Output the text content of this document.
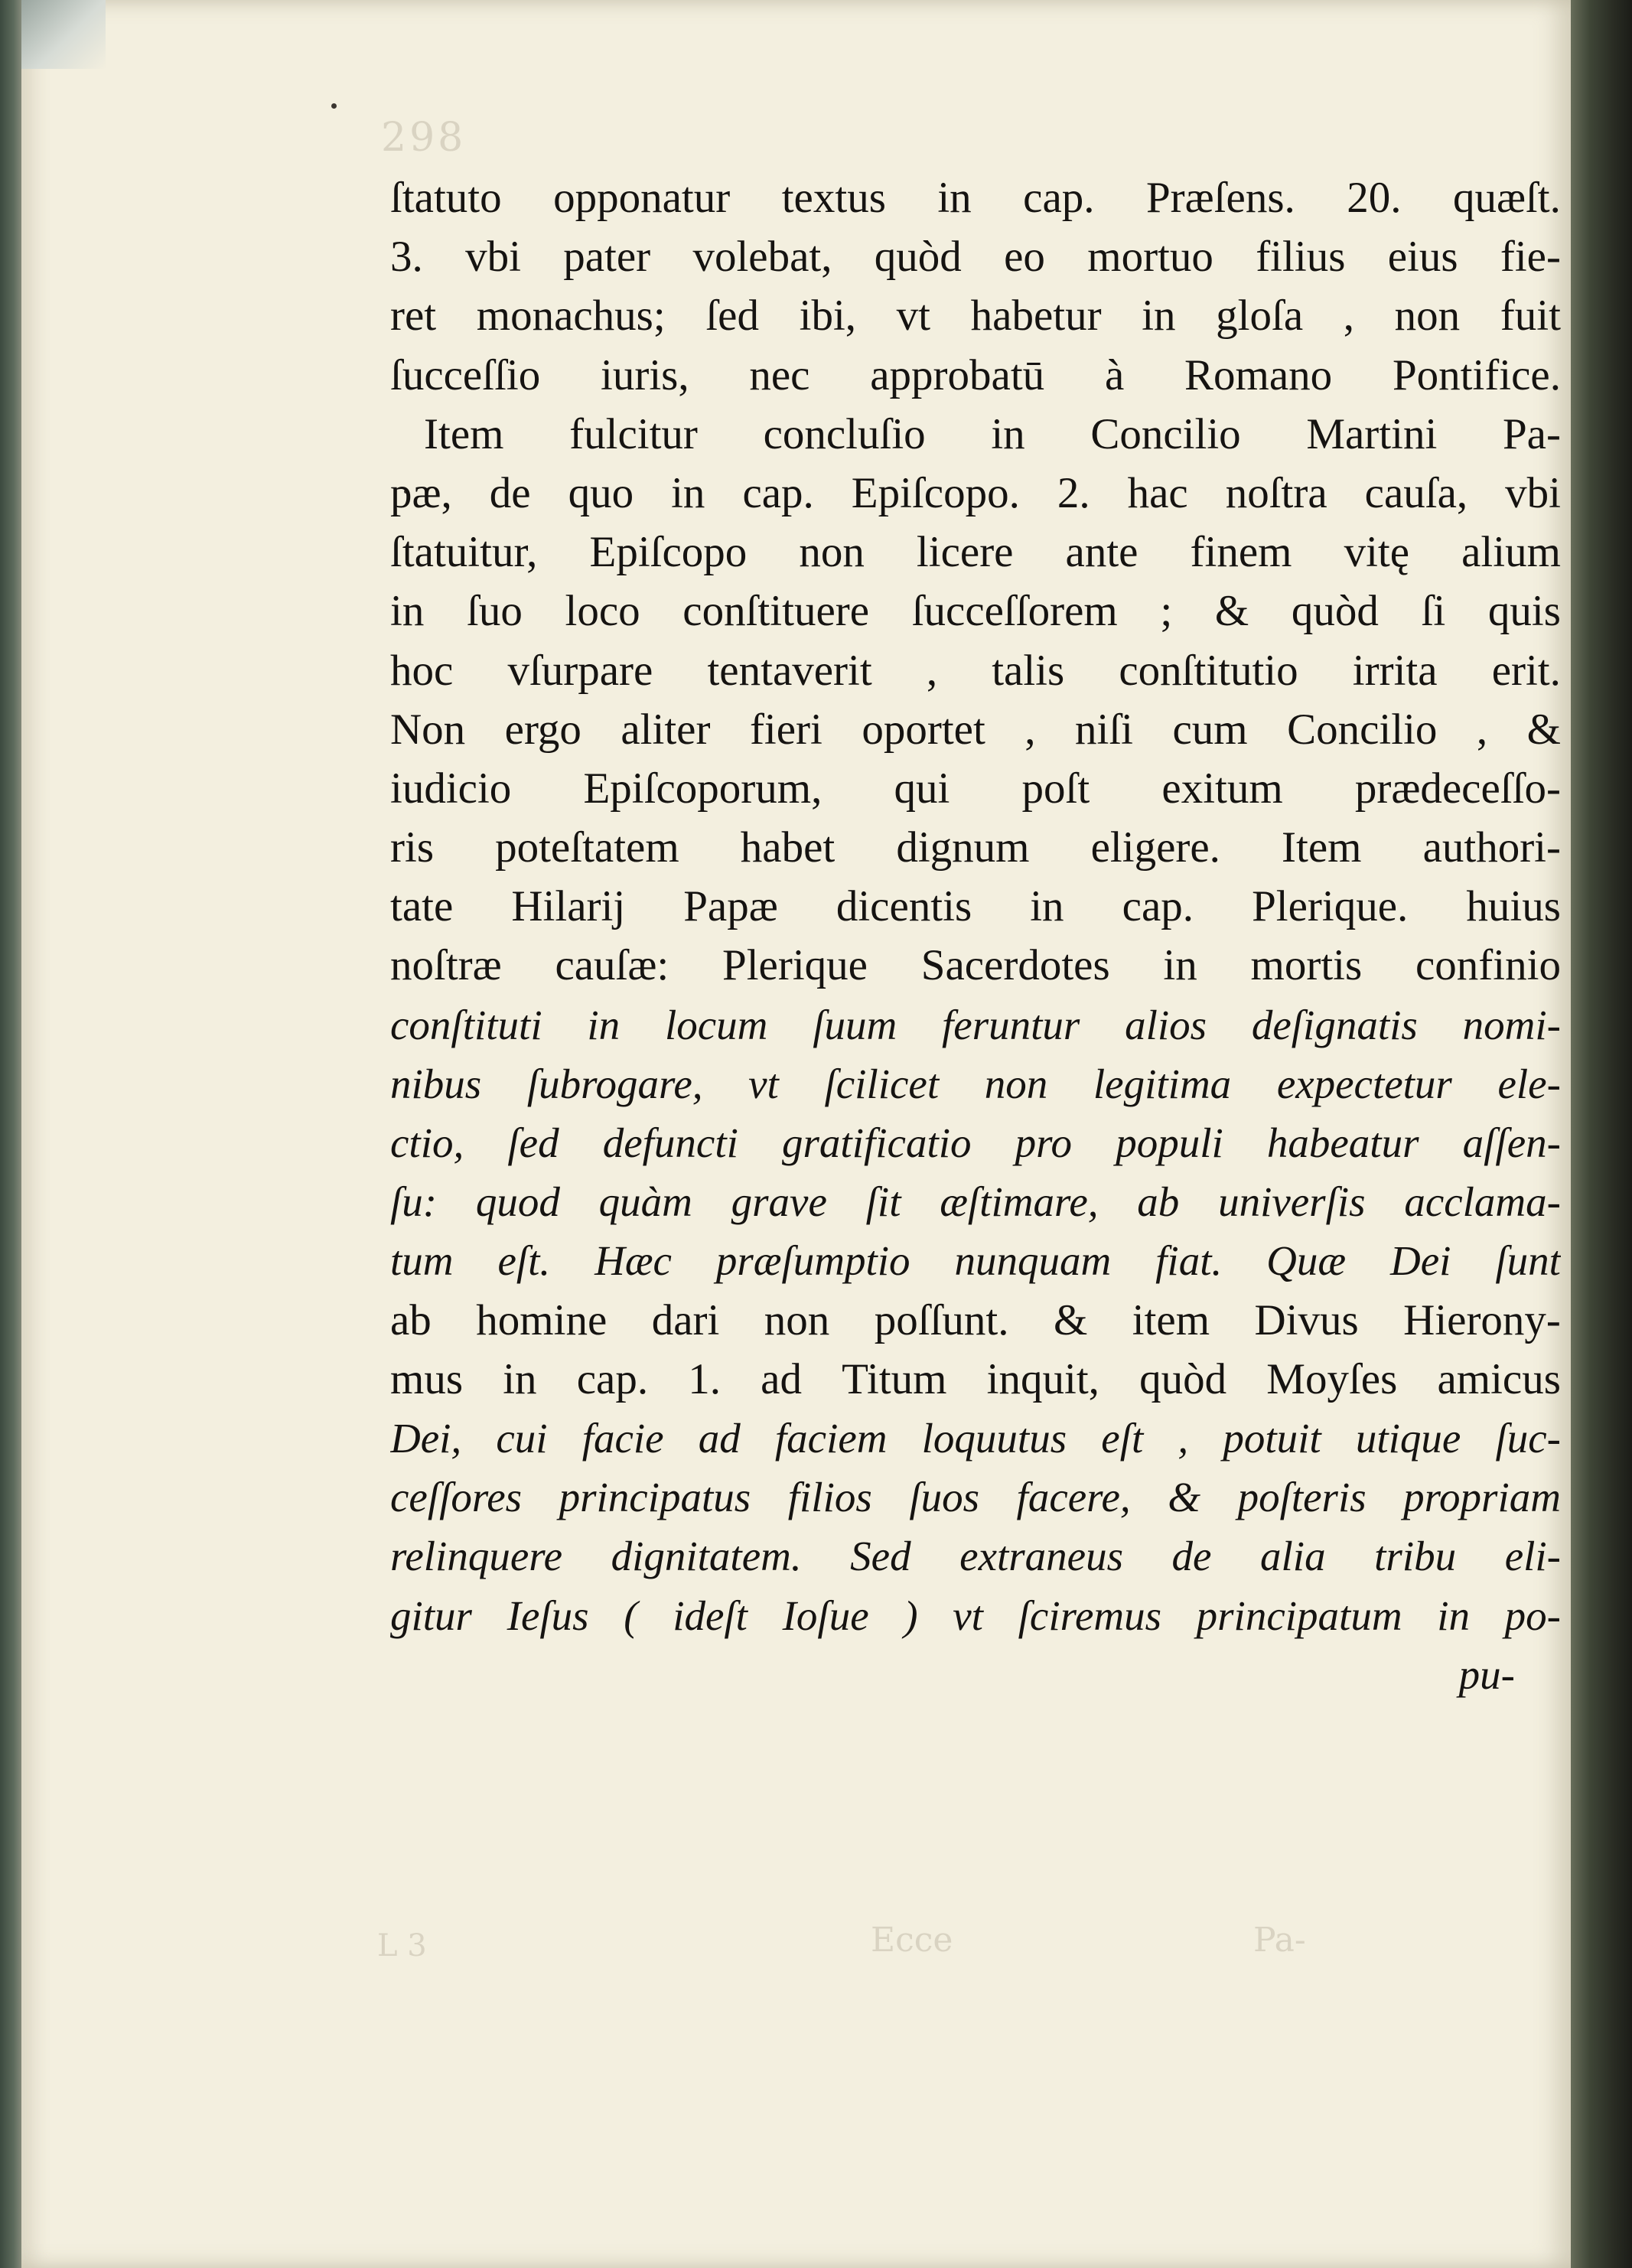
298
L 3	Ecce	Pa-
ſtatuto opponatur textus in cap. Præſens. 20. quæſt.
3. vbi pater volebat, quòd eo mortuo filius eius fie-
ret monachus; ſed ibi, vt habetur in gloſa , non fuit
ſucceſſio iuris, nec approbatū à Romano Pontifice.
Item fulcitur concluſio in Concilio Martini Pa-
pæ, de quo in cap. Epiſcopo. 2. hac noſtra cauſa, vbi
ſtatuitur, Epiſcopo non licere ante finem vitę alium
in ſuo loco conſtituere ſucceſſorem ; & quòd ſi quis
hoc vſurpare tentaverit , talis conſtitutio irrita erit.
Non ergo aliter fieri oportet , niſi cum Concilio , &
iudicio Epiſcoporum, qui poſt exitum prædeceſſo-
ris poteſtatem habet dignum eligere. Item authori-
tate Hilarij Papæ dicentis in cap. Plerique. huius
noſtræ cauſæ: Plerique Sacerdotes in mortis confinio
conſtituti in locum ſuum feruntur alios deſignatis nomi-
nibus ſubrogare, vt ſcilicet non legitima expectetur ele-
ctio, ſed defuncti gratificatio pro populi habeatur aſſen-
ſu: quod quàm grave ſit æſtimare, ab univerſis acclama-
tum eſt. Hæc præſumptio nunquam fiat. Quæ Dei ſunt
ab homine dari non poſſunt. & item Divus Hierony-
mus in cap. 1. ad Titum inquit, quòd Moyſes amicus
Dei, cui facie ad faciem loquutus eſt , potuit utique ſuc-
ceſſores principatus filios ſuos facere, & poſteris propriam
relinquere dignitatem. Sed extraneus de alia tribu eli-
gitur Ieſus ( ideſt Ioſue ) vt ſciremus principatum in po-
pu-
